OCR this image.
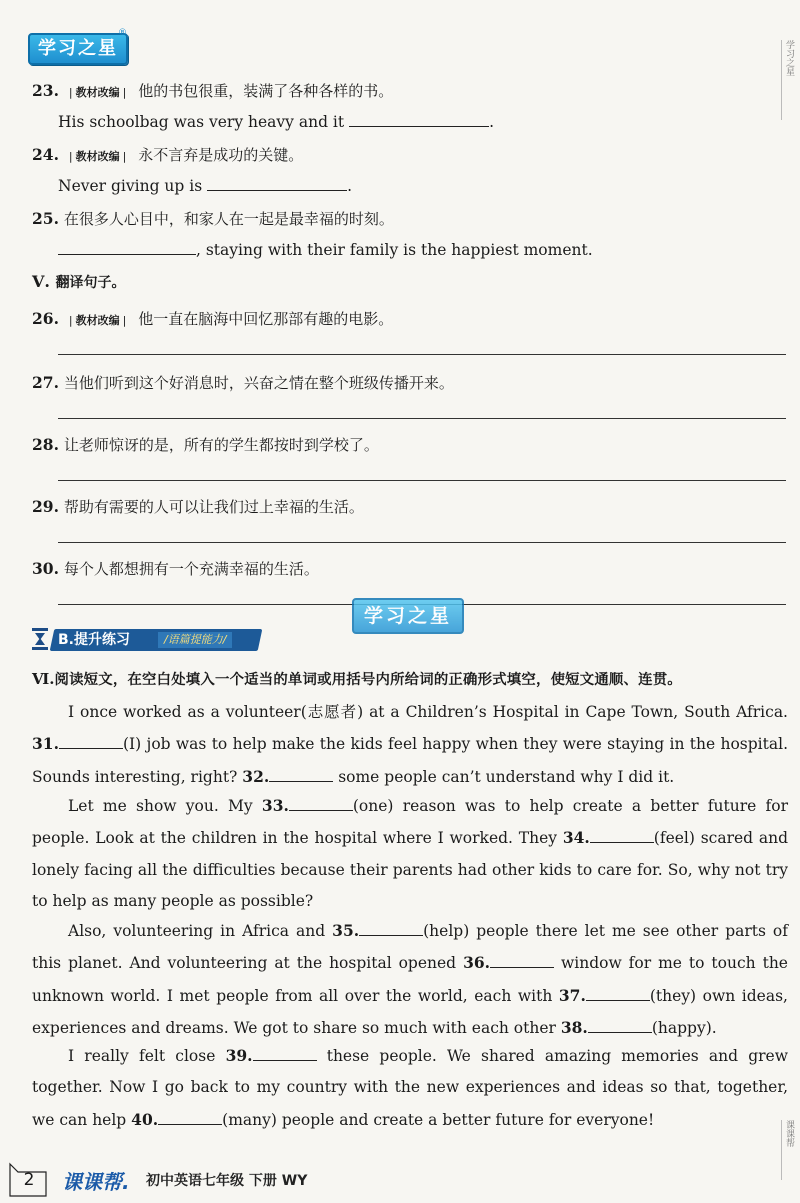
学习之星
®
学习之星
23. | 教材改编 | 他的书包很重，装满了各种各样的书。
His schoolbag was very heavy and it	.
24. | 教材改编 | 永不言弃是成功的关键。
Never giving up is	.
25. 在很多人心目中，和家人在一起是最幸福的时刻。
, staying with their family is the happiest moment.
Ⅴ. 翻译句子。
26. | 教材改编 | 他一直在脑海中回忆那部有趣的电影。
27. 当他们听到这个好消息时，兴奋之情在整个班级传播开来。
28. 让老师惊讶的是，所有的学生都按时到学校了。
29. 帮助有需要的人可以让我们过上幸福的生活。
30. 每个人都想拥有一个充满幸福的生活。
学习之星
B.提升练习	/语篇提能力/
Ⅵ.阅读短文，在空白处填入一个适当的单词或用括号内所给词的正确形式填空，使短文通顺、连贯。
I once worked as a volunteer(志愿者) at a Children’s Hospital in Cape Town, South Africa. 31.	(I) job was to help make the kids feel happy when they were staying in the hospital. Sounds interesting, right? 32.	some people can’t understand why I did it.
Let me show you. My 33.	(one) reason was to help create a better future for people. Look at the children in the hospital where I worked. They 34.	(feel) scared and lonely facing all the difficulties because their parents had other kids to care for. So, why not try to help as many people as possible?
Also, volunteering in Africa and 35.	(help) people there let me see other parts of this planet. And volunteering at the hospital opened 36.	window for me to touch the unknown world. I met people from all over the world, each with 37.	(they) own ideas, experiences and dreams. We got to share so much with each other 38.	(happy).
I really felt close 39.	these people. We shared amazing memories and grew together. Now I go back to my country with the new experiences and ideas so that, together, we can help 40.	(many) people and create a better future for everyone!
课课帮
2	课课帮. 初中英语七年级 下册 WY
